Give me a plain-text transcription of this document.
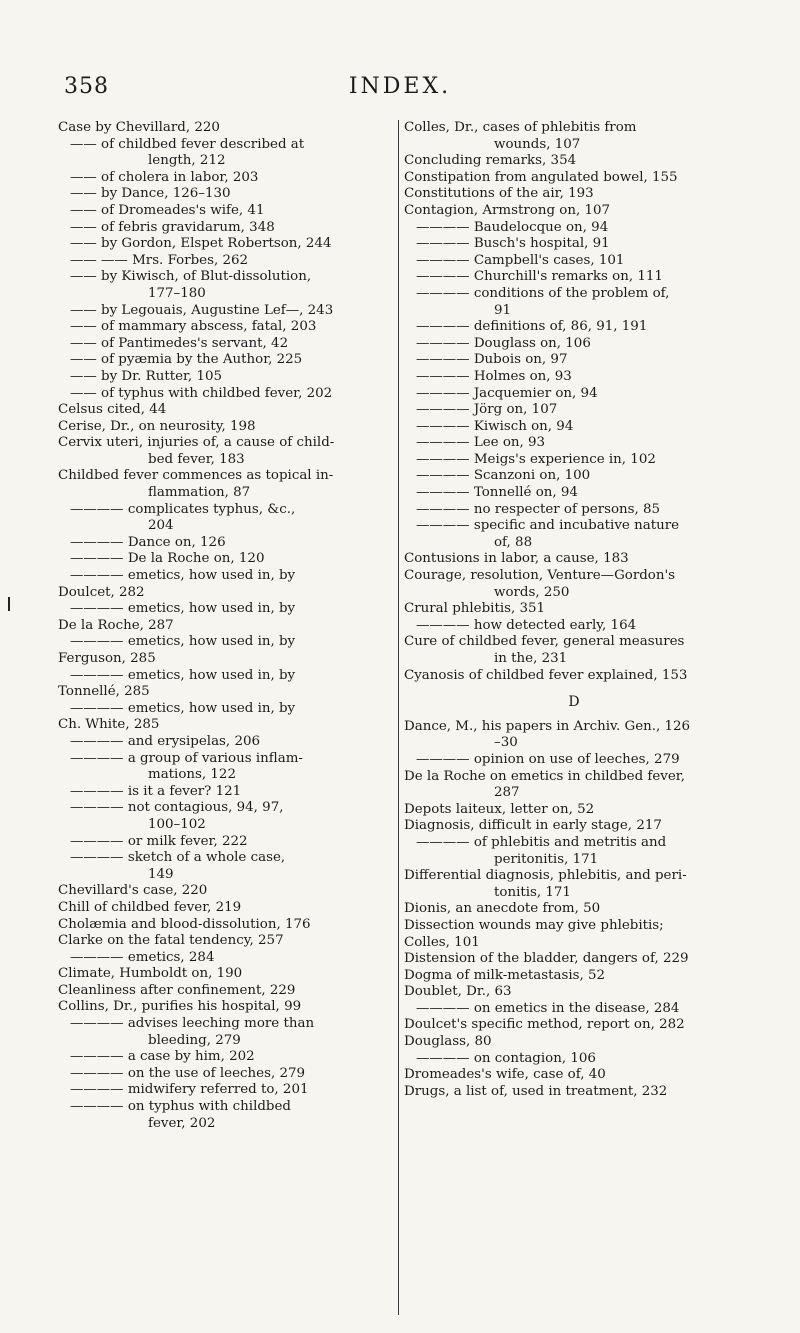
358	INDEX.
Case by Chevillard, 220
—— of childbed fever described at
length, 212
—— of cholera in labor, 203
—— by Dance, 126–130
—— of Dromeades's wife, 41
—— of febris gravidarum, 348
—— by Gordon, Elspet Robertson, 244
—— —— Mrs. Forbes, 262
—— by Kiwisch, of Blut-dissolution,
177–180
—— by Legouais, Augustine Lef—, 243
—— of mammary abscess, fatal, 203
—— of Pantimedes's servant, 42
—— of pyæmia by the Author, 225
—— by Dr. Rutter, 105
—— of typhus with childbed fever, 202
Celsus cited, 44
Cerise, Dr., on neurosity, 198
Cervix uteri, injuries of, a cause of child-
bed fever, 183
Childbed fever commences as topical in-
flammation, 87
———— complicates typhus, &c.,
204
———— Dance on, 126
———— De la Roche on, 120
———— emetics, how used in, by
Doulcet, 282
———— emetics, how used in, by
De la Roche, 287
———— emetics, how used in, by
Ferguson, 285
———— emetics, how used in, by
Tonnellé, 285
———— emetics, how used in, by
Ch. White, 285
———— and erysipelas, 206
———— a group of various inflam-
mations, 122
———— is it a fever? 121
———— not contagious, 94, 97,
100–102
———— or milk fever, 222
———— sketch of a whole case,
149
Chevillard's case, 220
Chill of childbed fever, 219
Cholæmia and blood-dissolution, 176
Clarke on the fatal tendency, 257
———— emetics, 284
Climate, Humboldt on, 190
Cleanliness after confinement, 229
Collins, Dr., purifies his hospital, 99
———— advises leeching more than
bleeding, 279
———— a case by him, 202
———— on the use of leeches, 279
———— midwifery referred to, 201
———— on typhus with childbed
fever, 202
Colles, Dr., cases of phlebitis from
wounds, 107
Concluding remarks, 354
Constipation from angulated bowel, 155
Constitutions of the air, 193
Contagion, Armstrong on, 107
———— Baudelocque on, 94
———— Busch's hospital, 91
———— Campbell's cases, 101
———— Churchill's remarks on, 111
———— conditions of the problem of,
91
———— definitions of, 86, 91, 191
———— Douglass on, 106
———— Dubois on, 97
———— Holmes on, 93
———— Jacquemier on, 94
———— Jörg on, 107
———— Kiwisch on, 94
———— Lee on, 93
———— Meigs's experience in, 102
———— Scanzoni on, 100
———— Tonnellé on, 94
———— no respecter of persons, 85
———— specific and incubative nature
of, 88
Contusions in labor, a cause, 183
Courage, resolution, Venture—Gordon's
words, 250
Crural phlebitis, 351
———— how detected early, 164
Cure of childbed fever, general measures
in the, 231
Cyanosis of childbed fever explained, 153
D
Dance, M., his papers in Archiv. Gen., 126
–30
———— opinion on use of leeches, 279
De la Roche on emetics in childbed fever,
287
Depots laiteux, letter on, 52
Diagnosis, difficult in early stage, 217
———— of phlebitis and metritis and
peritonitis, 171
Differential diagnosis, phlebitis, and peri-
tonitis, 171
Dionis, an anecdote from, 50
Dissection wounds may give phlebitis;
Colles, 101
Distension of the bladder, dangers of, 229
Dogma of milk-metastasis, 52
Doublet, Dr., 63
———— on emetics in the disease, 284
Doulcet's specific method, report on, 282
Douglass, 80
———— on contagion, 106
Dromeades's wife, case of, 40
Drugs, a list of, used in treatment, 232
